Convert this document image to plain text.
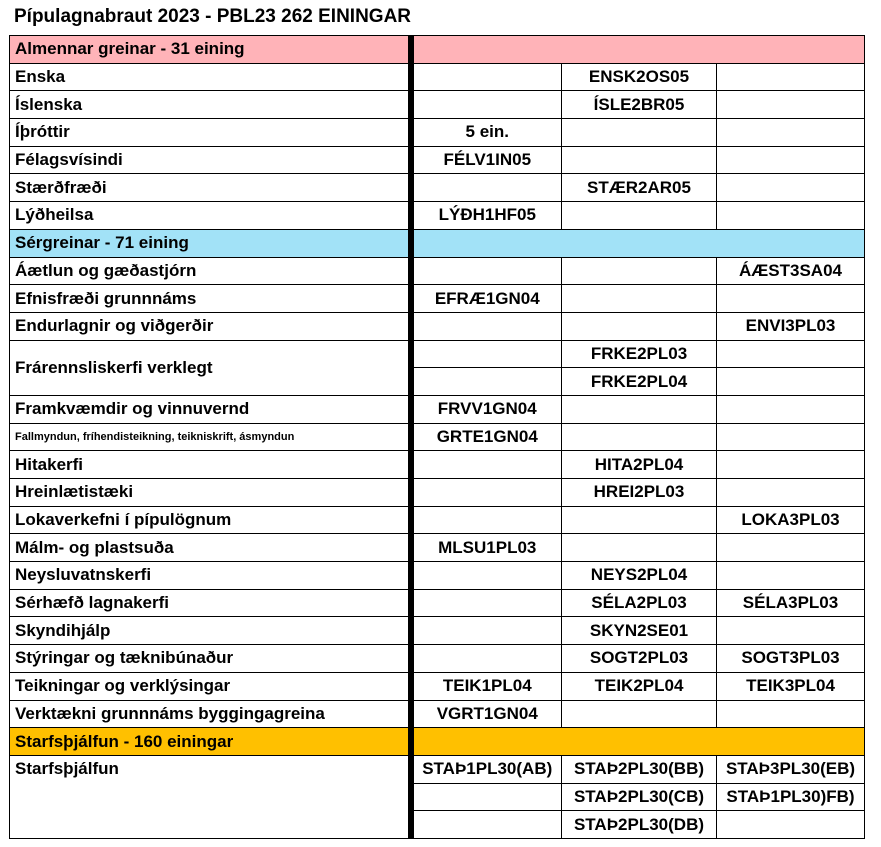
Pípulagnabraut 2023 - PBL23 262 EININGAR
Almennar greinar - 31 eining			
Enska		ENSK2OS05	
Íslenska		ÍSLE2BR05	
Íþróttir	5 ein.		
Félagsvísindi	FÉLV1IN05		
Stærðfræði		STÆR2AR05	
Lýðheilsa	LÝÐH1HF05		
Sérgreinar - 71 eining			
Áætlun og gæðastjórn			ÁÆST3SA04
Efnisfræði grunnnáms	EFRÆ1GN04		
Endurlagnir og viðgerðir			ENVI3PL03
Frárennsliskerfi verklegt		FRKE2PL03	
		FRKE2PL04	
Framkvæmdir og vinnuvernd	FRVV1GN04		
Fallmyndun, fríhendisteikning, teikniskrift, ásmyndun	GRTE1GN04		
Hitakerfi		HITA2PL04	
Hreinlætistæki		HREI2PL03	
Lokaverkefni í pípulögnum			LOKA3PL03
Málm- og plastsuða	MLSU1PL03		
Neysluvatnskerfi		NEYS2PL04	
Sérhæfð lagnakerfi		SÉLA2PL03	SÉLA3PL03
Skyndihjálp		SKYN2SE01	
Stýringar og tæknibúnaður		SOGT2PL03	SOGT3PL03
Teikningar og verklýsingar	TEIK1PL04	TEIK2PL04	TEIK3PL04
Verktækni grunnnáms byggingagreina	VGRT1GN04		
Starfsþjálfun - 160 einingar			
Starfsþjálfun	STAÞ1PL30(AB)	STAÞ2PL30(BB)	STAÞ3PL30(EB)
		STAÞ2PL30(CB)	STAÞ1PL30)FB)
		STAÞ2PL30(DB)	
